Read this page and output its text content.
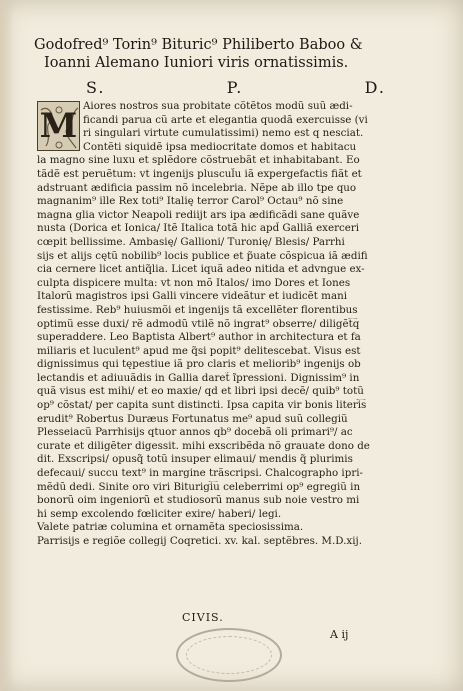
Godofred⁹ Torin⁹ Bituric⁹ Philiberto Baboo &
Ioanni Alemano Iuniori viris ornatissimis.
S.	P.	D.
Aiores nostros sua probitate cõtẽtos modũ suũ ædi-
ficandi parua cũ arte et elegantia quodã exercuisse (vi
ri singulari virtute cumulatissimi) nemo est q nesciat.
Contẽti siquidẽ ipsa mediocritate domos et habitacu
la magno sine luxu et splẽdore cõstruebãt et inhabitabant. Eo
tãdẽ est peruẽtum: vt ingenijs pluscul̃u iã expergefactis fiãt et
adstruant ædificia passim nõ incelebria. Nẽpe ab illo tpe quo
magnanim⁹ ille Rex toti⁹ Italię terror Carol⁹ Octau⁹ nõ sine
magna glia victor Neapoli rediijt ars ipa ædificãdi sane quãve
nusta (Dorica et Ionica/ Itẽ Italica totã hic apd̃ Galliã exerceri
cœpit bellissime. Ambasię/ Gallioni/ Turonię/ Blesis/ Parrhi
sijs et alijs cętũ nobilib⁹ locis publice et p̃uate cõspicua iã ædifi
cia cernere licet antiq̃lia. Licet iquã adeo nitida et advngue ex-
culpta dispicere multa: vt non mõ Italos/ imo Dores et Iones
Italorũ magistros ipsi Galli vincere videãtur et iudicẽt mani
festissime. Reb⁹ huiusmõi et ingenijs tã excellẽter florentibus
optimũ esse duxi/ rẽ admodũ vtilẽ nõ ingrat⁹ obserre/ diligẽt͡q
superaddere. Leo Baptista Albert⁹ author in architectura et fa
miliaris et luculent⁹ apud me q̃si popit⁹ delitescebat. Visus est
dignissimus qui tępestiue iã pro claris et meliorib⁹ ingenijs ob
lectandis et adiuuãdis in Gallia daret̃ ĩpressioni. Dignissim⁹ in
quã visus est mihi/ et eo maxie/ qd et libri ipsi decẽ/ quib⁹ totũ
op⁹ cõstat/ per capita sunt distincti. Ipsa capita vir bonis literi͡s
erudit⁹ Robertus Duræus Fortunatus me⁹ apud suũ collegiũ
Plesseiacũ Parrhisijs qtuor annos qb⁹ docebã oli primari⁹/ ac
curate et diligẽter digessit. mihi exscribẽda nõ grauate dono de
dit. Exscripsi/ opusq̃ totũ insuper elimaui/ mendis q̃ plurimis
defecaui/ succu text⁹ in margine trãscripsi. Chalcographo ipri-
mẽdũ dedi. Sinite oro viri Biturigi͡u celeberrimi op⁹ egregiũ in
bonorũ oim ingeniorũ et studiosorũ manus sub noie vestro mi
hi semp excolendo fœliciter exire/ haberi/ legi.
Valete patriæ columina et ornamẽta speciosissima.
Parrisijs e regiõe collegij Coqretici. xv. kal. septẽbres. M.D.xij.
M
CIVIS.
A ij
